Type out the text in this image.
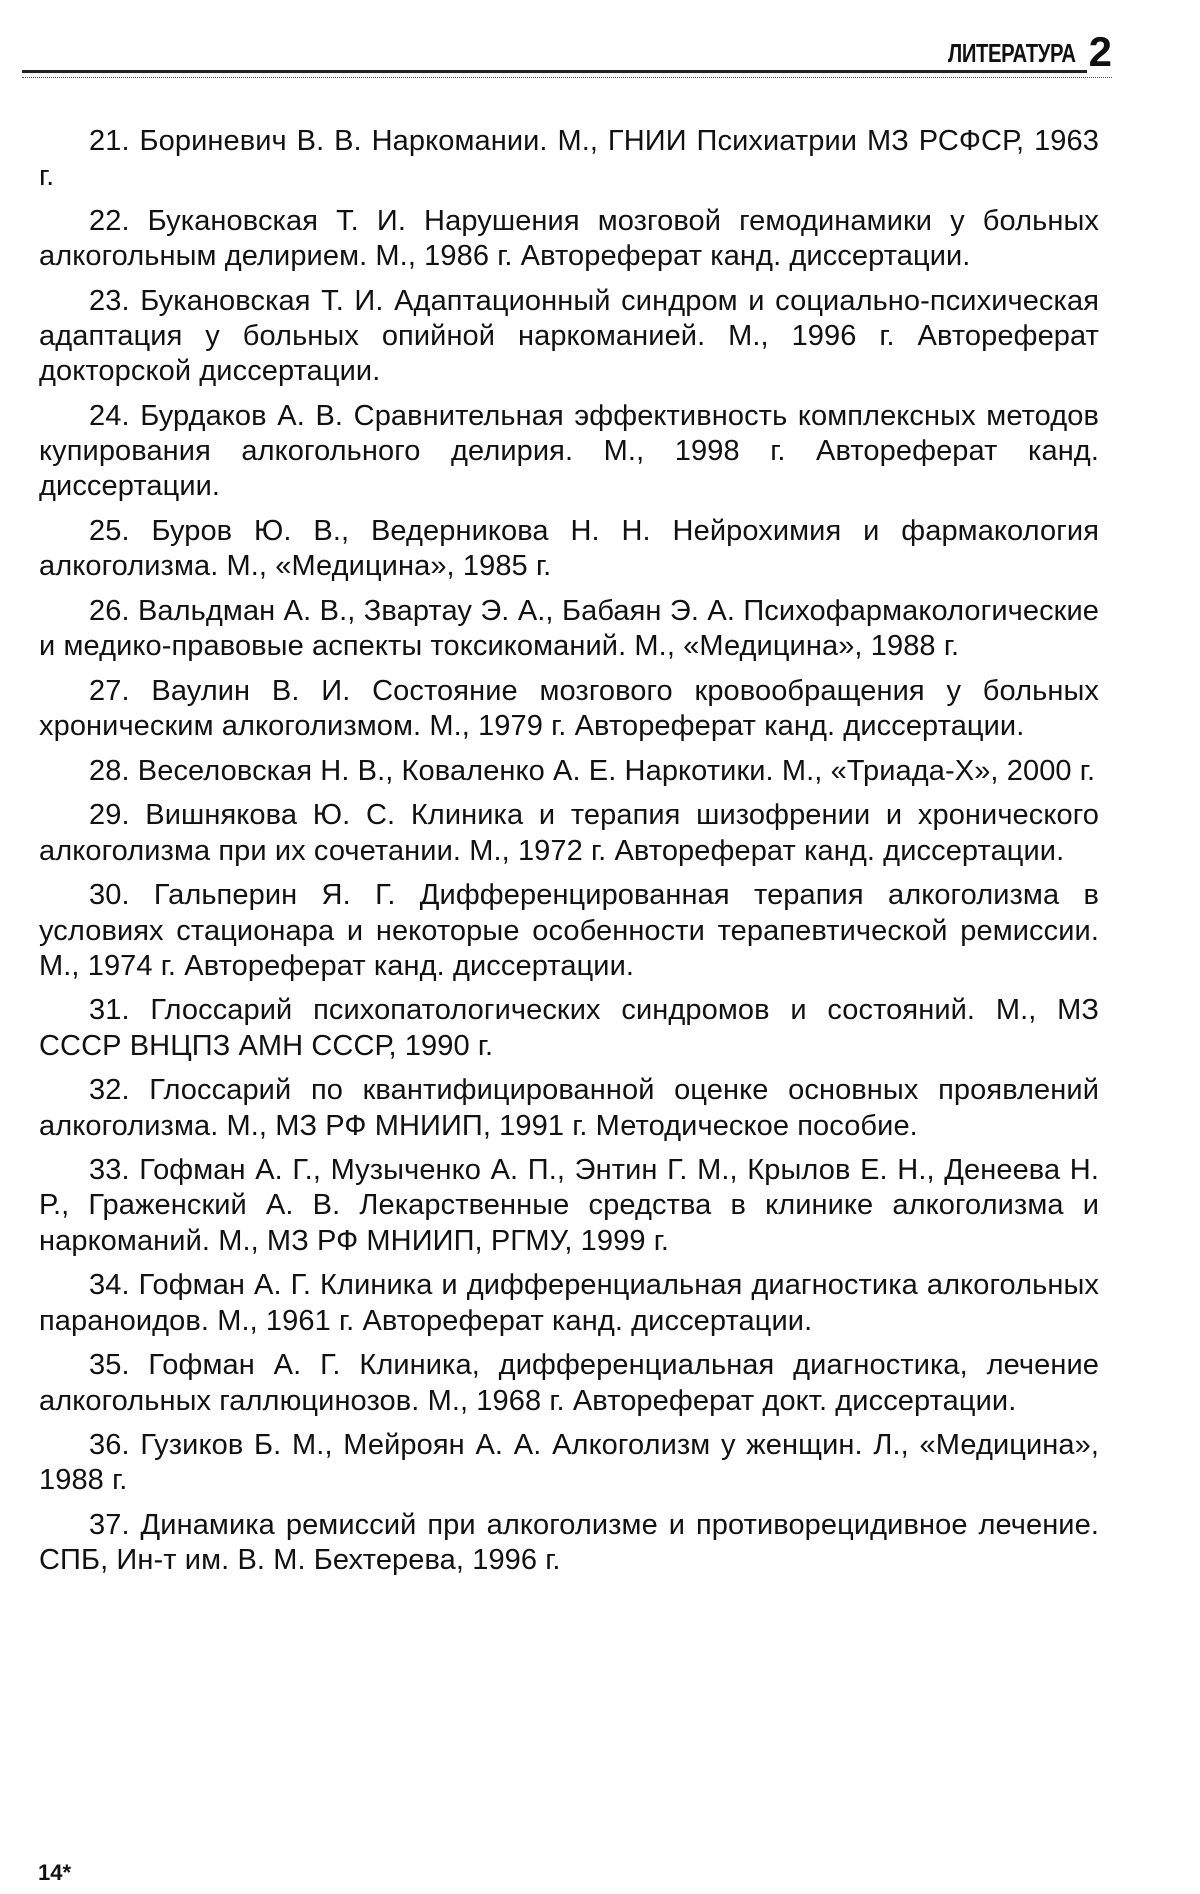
ЛИТЕРАТУРА 2
21. Бориневич В. В. Наркомании. М., ГНИИ Психиатрии МЗ РСФСР, 1963 г.
22. Букановская Т. И. Нарушения мозговой гемодинамики у больных алкогольным делирием. М., 1986 г. Автореферат канд. диссертации.
23. Букановская Т. И. Адаптационный синдром и социально-психическая адаптация у больных опийной наркоманией. М., 1996 г. Автореферат докторской диссертации.
24. Бурдаков А. В. Сравнительная эффективность комплексных методов купирования алкогольного делирия. М., 1998 г. Автореферат канд. диссертации.
25. Буров Ю. В., Ведерникова Н. Н. Нейрохимия и фармакология алкоголизма. М., «Медицина», 1985 г.
26. Вальдман А. В., Звартау Э. А., Бабаян Э. А. Психофармакологические и медико-правовые аспекты токсикоманий. М., «Медицина», 1988 г.
27. Ваулин В. И. Состояние мозгового кровообращения у больных хроническим алкоголизмом. М., 1979 г. Автореферат канд. диссертации.
28. Веселовская Н. В., Коваленко А. Е. Наркотики. М., «Триада-Х», 2000 г.
29. Вишнякова Ю. С. Клиника и терапия шизофрении и хронического алкоголизма при их сочетании. М., 1972 г. Автореферат канд. диссертации.
30. Гальперин Я. Г. Дифференцированная терапия алкоголизма в условиях стационара и некоторые особенности терапевтической ремиссии. М., 1974 г. Автореферат канд. диссертации.
31. Глоссарий психопатологических синдромов и состояний. М., МЗ СССР ВНЦПЗ АМН СССР, 1990 г.
32. Глоссарий по квантифицированной оценке основных проявлений алкоголизма. М., МЗ РФ МНИИП, 1991 г. Методическое пособие.
33. Гофман А. Г., Музыченко А. П., Энтин Г. М., Крылов Е. Н., Денеева Н. Р., Граженский А. В. Лекарственные средства в клинике алкоголизма и наркоманий. М., МЗ РФ МНИИП, РГМУ, 1999 г.
34. Гофман А. Г. Клиника и дифференциальная диагностика алкогольных параноидов. М., 1961 г. Автореферат канд. диссертации.
35. Гофман А. Г. Клиника, дифференциальная диагностика, лечение алкогольных галлюцинозов. М., 1968 г. Автореферат докт. диссертации.
36. Гузиков Б. М., Мейроян А. А. Алкоголизм у женщин. Л., «Медицина», 1988 г.
37. Динамика ремиссий при алкоголизме и противорецидивное лечение. СПБ, Ин-т им. В. М. Бехтерева, 1996 г.
14*
